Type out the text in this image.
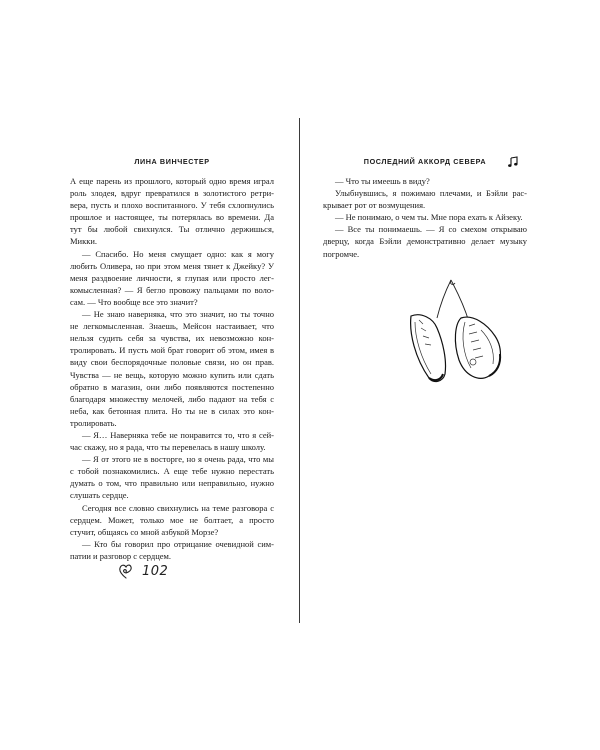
ЛИНА ВИНЧЕСТЕР

А еще парень из прошлого, который одно время играл роль злодея, вдруг превратился в золотистого ретривера, пусть и плохо воспитанного. У тебя схлопнулись прошлое и настоящее, ты потерялась во времени. Да тут бы любой свихнулся. Ты отлично держишься, Микки.

— Спасибо. Но меня смущает одно: как я могу любить Оливера, но при этом меня тянет к Джейку? У меня раздвоение личности, я глупая или просто легкомысленная? — Я бегло провожу пальцами по волосам. — Что вообще все это значит?

— Не знаю наверняка, что это значит, но ты точно не легкомысленная. Знаешь, Мейсон настаивает, что нельзя судить себя за чувства, их невозможно контролировать. И пусть мой брат говорит об этом, имея в виду свои беспорядочные половые связи, но он прав. Чувства — не вещь, которую можно купить или сдать обратно в магазин, они либо появляются постепенно благодаря множеству мелочей, либо падают на тебя с неба, как бетонная плита. Но ты не в силах это контролировать.

— Я… Наверняка тебе не понравится то, что я сейчас скажу, но я рада, что ты перевелась в нашу школу.

— Я от этого не в восторге, но я очень рада, что мы с тобой познакомились. А еще тебе нужно перестать думать о том, что правильно или неправильно, нужно слушать сердце.

Сегодня все словно свихнулись на теме разговора с сердцем. Может, только мое не болтает, а просто стучит, общаясь со мной азбукой Морзе?

— Кто бы говорил про отрицание очевидной симпатии и разговор с сердцем.

102
ПОСЛЕДНИЙ АККОРД СЕВЕРА

— Что ты имеешь в виду?

Улыбнувшись, я пожимаю плечами, и Бэйли раскрывает рот от возмущения.

— Не понимаю, о чем ты. Мне пора ехать к Айзеку.

— Все ты понимаешь. — Я со смехом открываю дверцу, когда Бэйли демонстративно делает музыку погромче.
